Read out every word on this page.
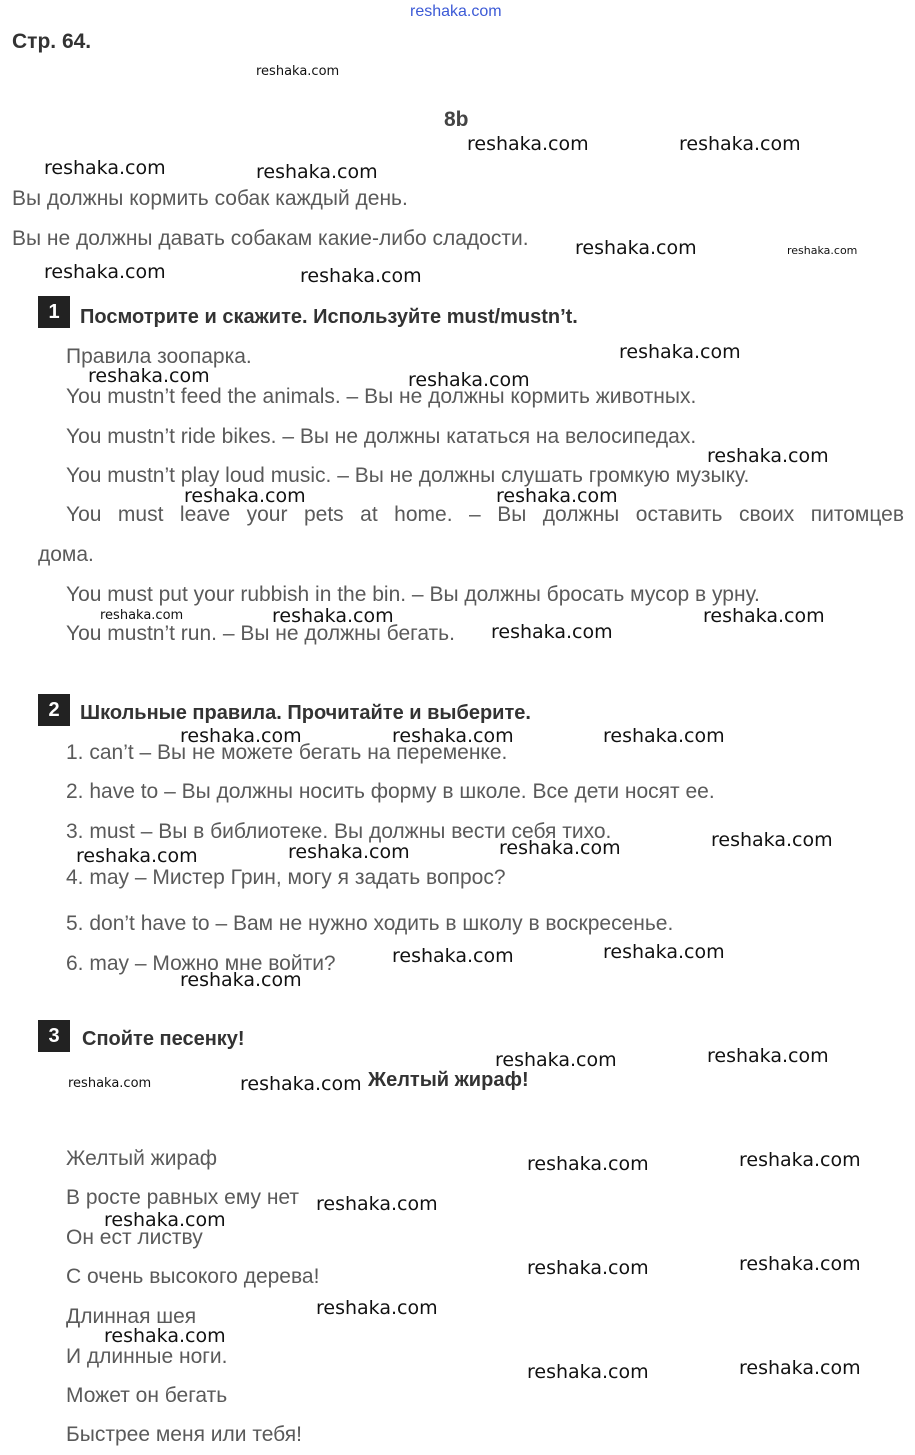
reshaka.com
Стр. 64.
8b
Вы должны кормить собак каждый день.
Вы не должны давать собакам какие-либо сладости.
1	Посмотрите и скажите. Используйте must/mustn’t.
Правила зоопарка.
You mustn’t feed the animals. – Вы не должны кормить животных.
You mustn’t ride bikes. – Вы не должны кататься на велосипедах.
You mustn’t play loud music. – Вы не должны слушать громкую музыку.
You must leave your pets at home. – Вы должны оставить своих питомцев
дома.
You must put your rubbish in the bin. – Вы должны бросать мусор в урну.
You mustn’t run. – Вы не должны бегать.
2	Школьные правила. Прочитайте и выберите.
1. can’t – Вы не можете бегать на переменке.
2. have to – Вы должны носить форму в школе. Все дети носят ее.
3. must – Вы в библиотеке. Вы должны вести себя тихо.
4. may – Мистер Грин, могу я задать вопрос?
5. don’t have to – Вам не нужно ходить в школу в воскресенье.
6. may – Можно мне войти?
3	Спойте песенку!
Желтый жираф!
Желтый жираф
В росте равных ему нет
Он ест листву
С очень высокого дерева!
Длинная шея
И длинные ноги.
Может он бегать
Быстрее меня или тебя!
reshaka.com	reshaka.com
reshaka.com	reshaka.com
reshaka.com
reshaka.com	reshaka.com
reshaka.com
reshaka.com	reshaka.com
reshaka.com
reshaka.com	reshaka.com
reshaka.com	reshaka.com
reshaka.com
reshaka.com	reshaka.com	reshaka.com
reshaka.com
reshaka.com
reshaka.com
reshaka.com
reshaka.com
reshaka.com
reshaka.com
reshaka.com
reshaka.com
reshaka.com
reshaka.com
reshaka.com
reshaka.com
reshaka.com
reshaka.com
reshaka.com
reshaka.com
reshaka.com
reshaka.com
reshaka.com
reshaka.com
reshaka.com
reshaka.com
reshaka.com
